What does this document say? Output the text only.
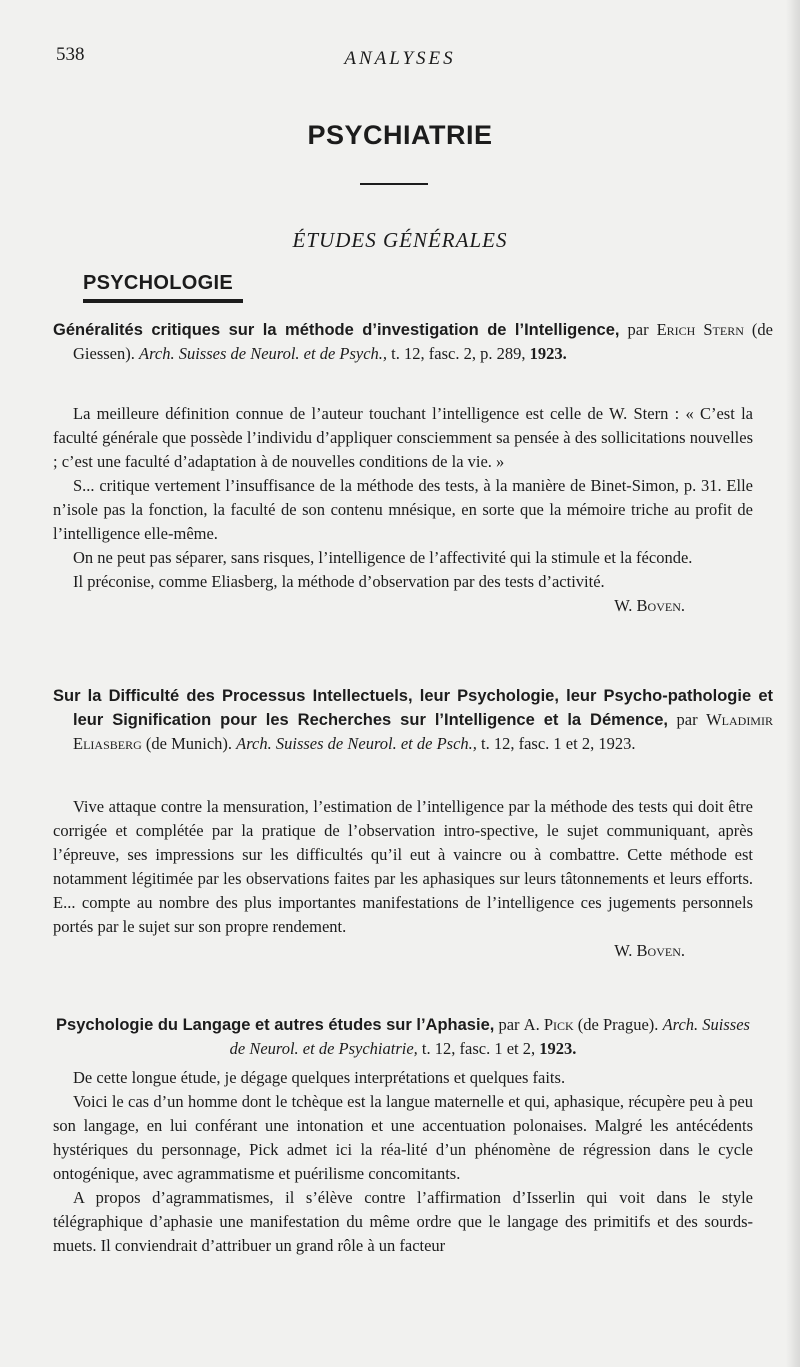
538	ANALYSES
PSYCHIATRIE
ÉTUDES GÉNÉRALES
PSYCHOLOGIE
Généralités critiques sur la méthode d’investigation de l’Intelligence, par Erich Stern (de Giessen). Arch. Suisses de Neurol. et de Psych., t. 12, fasc. 2, p. 289, 1923.

La meilleure définition connue de l’auteur touchant l’intelligence est celle de W. Stern : « C’est la faculté générale que possède l’individu d’appliquer consciemment sa pensée à des sollicitations nouvelles ; c’est une faculté d’adaptation à de nouvelles conditions de la vie. »

S... critique vertement l’insuffisance de la méthode des tests, à la manière de Binet-Simon, p. 31. Elle n’isole pas la fonction, la faculté de son contenu mnésique, en sorte que la mémoire triche au profit de l’intelligence elle-même.

On ne peut pas séparer, sans risques, l’intelligence de l’affectivité qui la stimule et la féconde.

Il préconise, comme Eliasberg, la méthode d’observation par des tests d’activité.

W. Boven.
Sur la Difficulté des Processus Intellectuels, leur Psychologie, leur Psycho-pathologie et leur Signification pour les Recherches sur l’Intelligence et la Démence, par Wladimir Eliasberg (de Munich). Arch. Suisses de Neurol. et de Psch., t. 12, fasc. 1 et 2, 1923.

Vive attaque contre la mensuration, l’estimation de l’intelligence par la méthode des tests qui doit être corrigée et complétée par la pratique de l’observation intro-spective, le sujet communiquant, après l’épreuve, ses impressions sur les difficultés qu’il eut à vaincre ou à combattre. Cette méthode est notamment légitimée par les observations faites par les aphasiques sur leurs tâtonnements et leurs efforts. E... compte au nombre des plus importantes manifestations de l’intelligence ces jugements personnels portés par le sujet sur son propre rendement.

W. Boven.
Psychologie du Langage et autres études sur l’Aphasie, par A. Pick (de Prague). Arch. Suisses de Neurol. et de Psychiatrie, t. 12, fasc. 1 et 2, 1923.

De cette longue étude, je dégage quelques interprétations et quelques faits.

Voici le cas d’un homme dont le tchèque est la langue maternelle et qui, aphasique, récupère peu à peu son langage, en lui conférant une intonation et une accentuation polonaises. Malgré les antécédents hystériques du personnage, Pick admet ici la réa-lité d’un phénomène de régression dans le cycle ontogénique, avec agrammatisme et puérilisme concomitants.

A propos d’agrammatismes, il s’élève contre l’affirmation d’Isserlin qui voit dans le style télégraphique d’aphasie une manifestation du même ordre que le langage des primitifs et des sourds-muets. Il conviendrait d’attribuer un grand rôle à un facteur
